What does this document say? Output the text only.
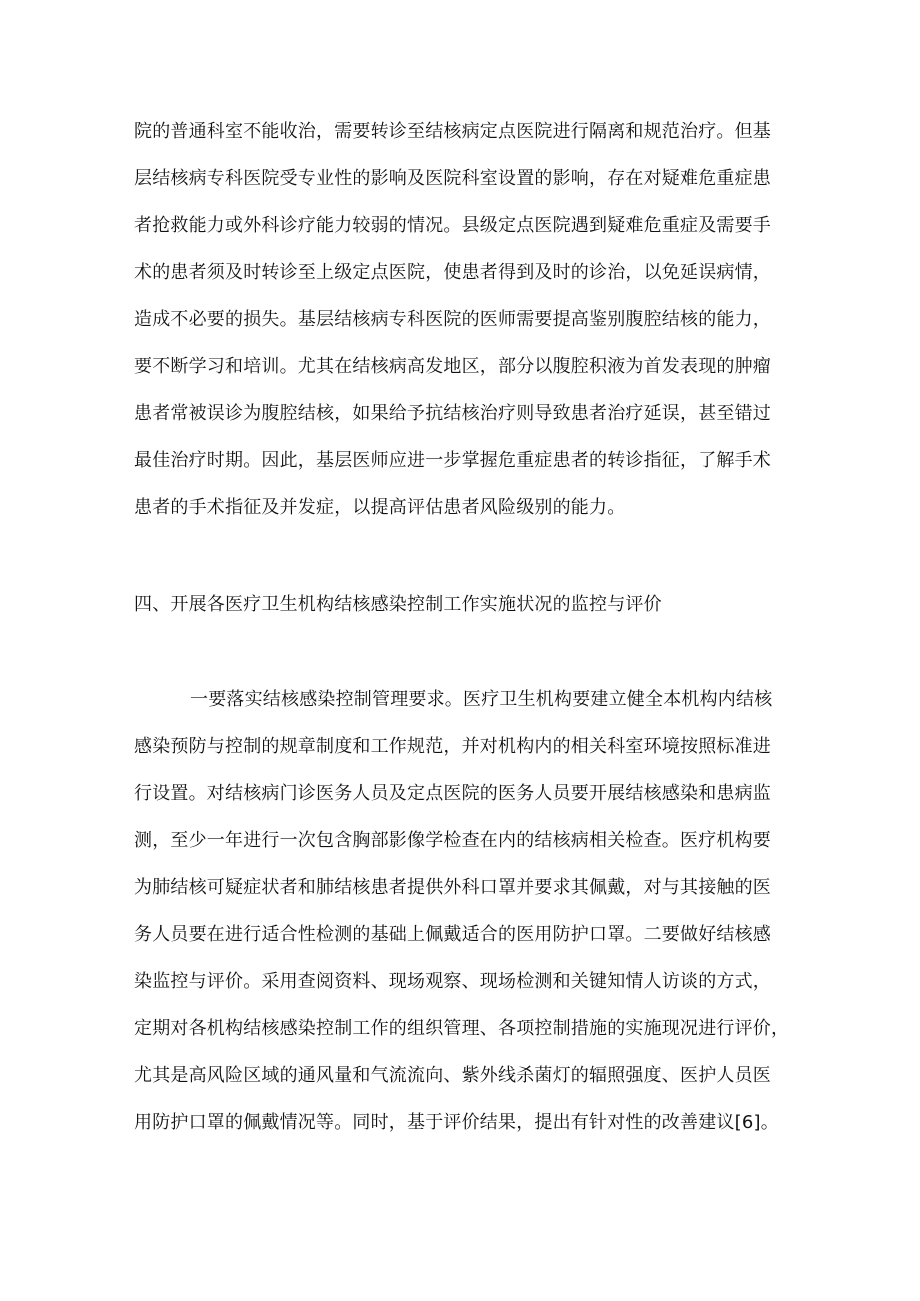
院的普通科室不能收治，需要转诊至结核病定点医院进行隔离和规范治疗。但基
层结核病专科医院受专业性的影响及医院科室设置的影响，存在对疑难危重症患
者抢救能力或外科诊疗能力较弱的情况。县级定点医院遇到疑难危重症及需要手
术的患者须及时转诊至上级定点医院，使患者得到及时的诊治，以免延误病情，
造成不必要的损失。基层结核病专科医院的医师需要提高鉴别腹腔结核的能力，
要不断学习和培训。尤其在结核病高发地区，部分以腹腔积液为首发表现的肿瘤
患者常被误诊为腹腔结核，如果给予抗结核治疗则导致患者治疗延误，甚至错过
最佳治疗时期。因此，基层医师应进一步掌握危重症患者的转诊指征，了解手术
患者的手术指征及并发症，以提高评估患者风险级别的能力。
四、开展各医疗卫生机构结核感染控制工作实施状况的监控与评价
一要落实结核感染控制管理要求。医疗卫生机构要建立健全本机构内结核
感染预防与控制的规章制度和工作规范，并对机构内的相关科室环境按照标准进
行设置。对结核病门诊医务人员及定点医院的医务人员要开展结核感染和患病监
测，至少一年进行一次包含胸部影像学检查在内的结核病相关检查。医疗机构要
为肺结核可疑症状者和肺结核患者提供外科口罩并要求其佩戴，对与其接触的医
务人员要在进行适合性检测的基础上佩戴适合的医用防护口罩。二要做好结核感
染监控与评价。采用查阅资料、现场观察、现场检测和关键知情人访谈的方式，
定期对各机构结核感染控制工作的组织管理、各项控制措施的实施现况进行评价，
尤其是高风险区域的通风量和气流流向、紫外线杀菌灯的辐照强度、医护人员医
用防护口罩的佩戴情况等。同时，基于评价结果，提出有针对性的改善建议[6]。
